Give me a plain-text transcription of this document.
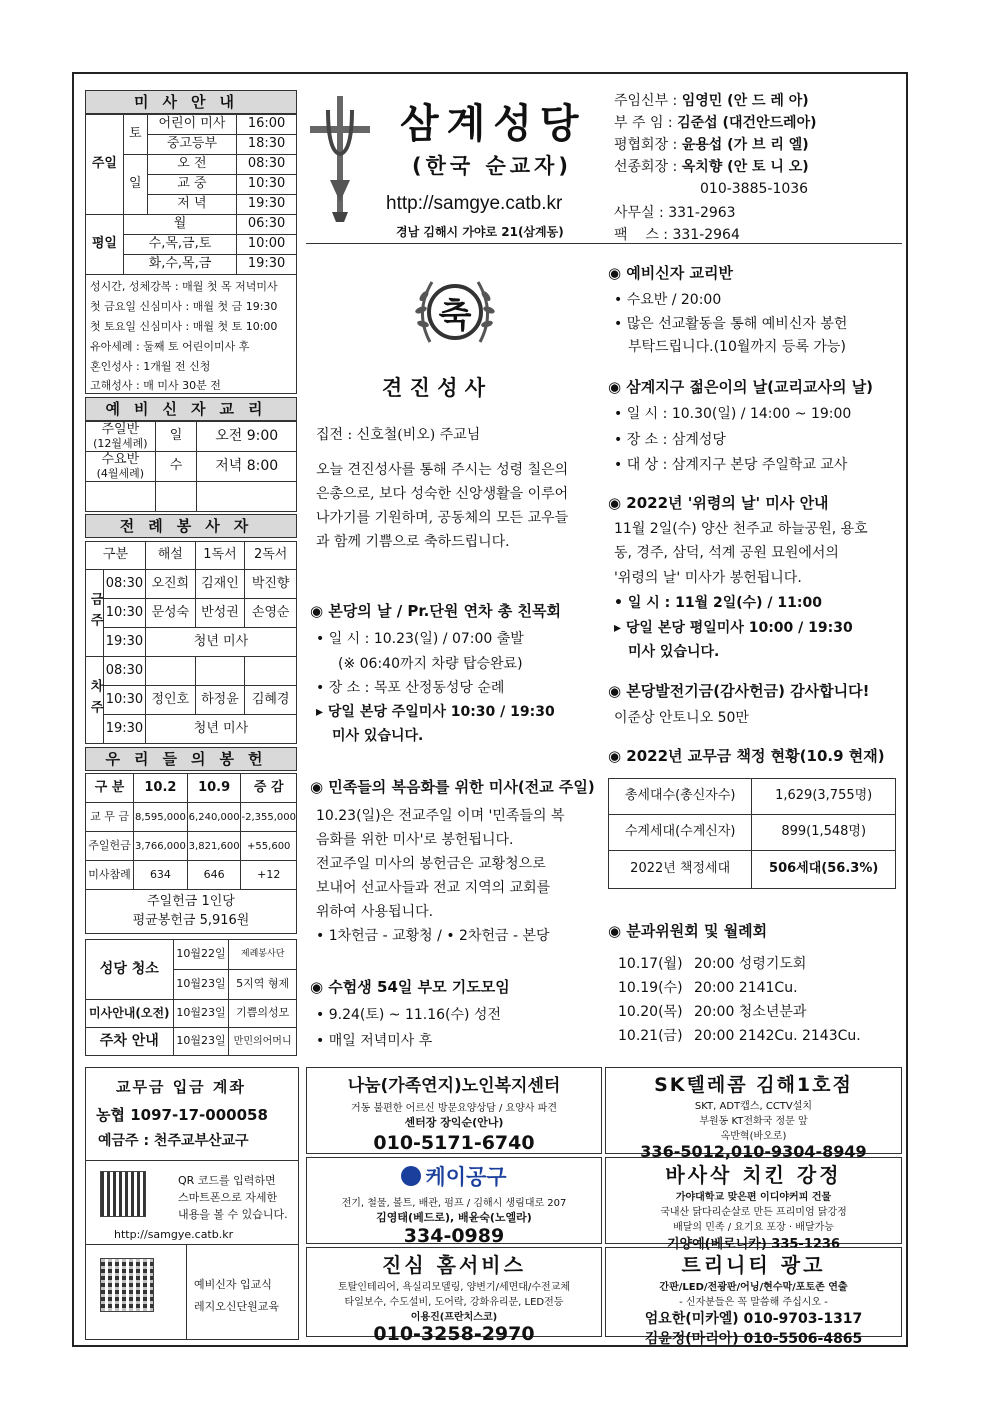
삼계성당
(한국 순교자)
http://samgye.catb.kr
경남 김해시 가야로 21(삼계동)
주임신부 : 임영민 (안 드 레 아)
부 주 임 : 김준섭 (대건안드레아)
평협회장 : 윤용섭 (가 브 리 엘)
선종회장 : 옥치향 (안 토 니 오)
010-3885-1036
사무실 : 331-2963
팩    스 : 331-2964
미사안내
주일	토	어린이 미사	16:00
		중고등부	18:30
	일	오 전	08:30
		교 중	10:30
		저 녁	19:30
평일	월		06:30
	수,목,금,토		10:00
	화,수,목,금		19:30
성시간, 성체강복 : 매월 첫 목 저녁미사
첫 금요일 신심미사 : 매월 첫 금 19:30
첫 토요일 신심미사 : 매월 첫 토 10:00
유아세례 : 둘째 토 어린이미사 후
혼인성사 : 1개월 전 신청
고해성사 : 매 미사 30분 전
예비신자교리
주일반
(12월세례)	일	오전 9:00

수요반
(4월세례)	수	저녁 8:00

전례봉사자
구분		해설	1독서	2독서
금주	08:30	오진희	김재인	박진향
	10:30	문성숙	반성권	손영순
	19:30	청년 미사		
차주	08:30			
	10:30	정인호	하정윤	김혜경
	19:30	청년 미사		
우리들의봉헌
구 분	10.2	10.9	증 감
교 무 금	8,595,000	6,240,000	-2,355,000
주일헌금	3,766,000	3,821,600	+55,600
미사참례	634	646	+12

주일헌금 1인당
평균봉헌금 5,916원			
성당 청소	10월22일	제례봉사단
	10월23일	5지역 형제
미사안내(오전)	10월23일	기쁨의성모
주차 안내	10월23일	만민의어머니
교무금 입금 계좌
농협 1097-17-000058
예금주 : 천주교부산교구
QR 코드를 입력하면
스마트폰으로 자세한
내용을 볼 수 있습니다.
http://samgye.catb.kr
예비신자 입교식
레지오신단원교육
축
견 진 성 사
집전 : 신호철(비오) 주교님
오늘 견진성사를 통해 주시는 성령 칠은의
은총으로, 보다 성숙한 신앙생활을 이루어
나가기를 기원하며, 공동체의 모든 교우들
과 함께 기쁨으로 축하드립니다.
◉ 본당의 날 / Pr.단원 연차 총 친목회
• 일 시 : 10.23(일) / 07:00 출발
(※ 06:40까지 차량 탑승완료)
• 장 소 : 목포 산정동성당 순례
▸ 당일 본당 주일미사 10:30 / 19:30
미사 있습니다.
◉ 민족들의 복음화를 위한 미사(전교 주일)
10.23(일)은 전교주일 이며 '민족들의 복
음화를 위한 미사'로 봉헌됩니다.
전교주일 미사의 봉헌금은 교황청으로
보내어 선교사들과 전교 지역의 교회를
위하여 사용됩니다.
• 1차헌금 - 교황청 / • 2차헌금 - 본당
◉ 수험생 54일 부모 기도모임
• 9.24(토) ~ 11.16(수) 성전
• 매일 저녁미사 후
◉ 예비신자 교리반
• 수요반 / 20:00
• 많은 선교활동을 통해 예비신자 봉헌
부탁드립니다.(10월까지 등록 가능)
◉ 삼계지구 젊은이의 날(교리교사의 날)
• 일 시 : 10.30(일) / 14:00 ~ 19:00
• 장 소 : 삼계성당
• 대 상 : 삼계지구 본당 주일학교 교사
◉ 2022년 '위령의 날' 미사 안내
11월 2일(수) 양산 천주교 하늘공원, 용호
동, 경주, 삼덕, 석계 공원 묘원에서의
'위령의 날' 미사가 봉헌됩니다.
• 일 시 : 11월 2일(수) / 11:00
▸ 당일 본당 평일미사 10:00 / 19:30
미사 있습니다.
◉ 본당발전기금(감사헌금) 감사합니다!
이준상 안토니오 50만
◉ 2022년 교무금 책정 현황(10.9 현재)
총세대수(총신자수)	1,629(3,755명)
수계세대(수계신자)	899(1,548명)
2022년 책정세대	506세대(56.3%)
◉ 분과위원회 및 월례회
10.17(월) 20:00 성령기도회
10.19(수) 20:00 2141Cu.
10.20(목) 20:00 청소년분과
10.21(금) 20:00 2142Cu. 2143Cu.
나눔(가족연지)노인복지센터
거동 불편한 어르신 방문요양상담 / 요양사 파견
센터장 장익순(안나)
010-5171-6740
SK텔레콤 김해1호점
SKT, ADT캡스, CCTV설치
부원동 KT전화국 정문 앞
옥반혁(바오로)
336-5012,010-9304-8949
케이공구
전기, 철물, 볼트, 배관, 펌프 / 김해시 생림대로 207
김영태(베드로), 배윤숙(노엘라)
334-0989
바사삭 치킨 강정
가야대학교 맞은편 이디야커피 건물
국내산 닭다리순살로 만든 프리미엄 닭강정
배달의 민족 / 요기요 포장 · 배달가능
기양예(베로니카) 335-1236
진심 홈서비스
토탈인테리어, 욕실리모델링, 양변기/세면대/수전교체
타일보수, 수도설비, 도어락, 강화유리문, LED전등
이용진(프란치스코)
010-3258-2970
트리니티 광고
간판/LED/전광판/어닝/현수막/포토존 연출
- 신자분들은 꼭 말씀해 주십시오 -
엄요한(미카엘) 010-9703-1317
김윤정(마리아) 010-5506-4865
